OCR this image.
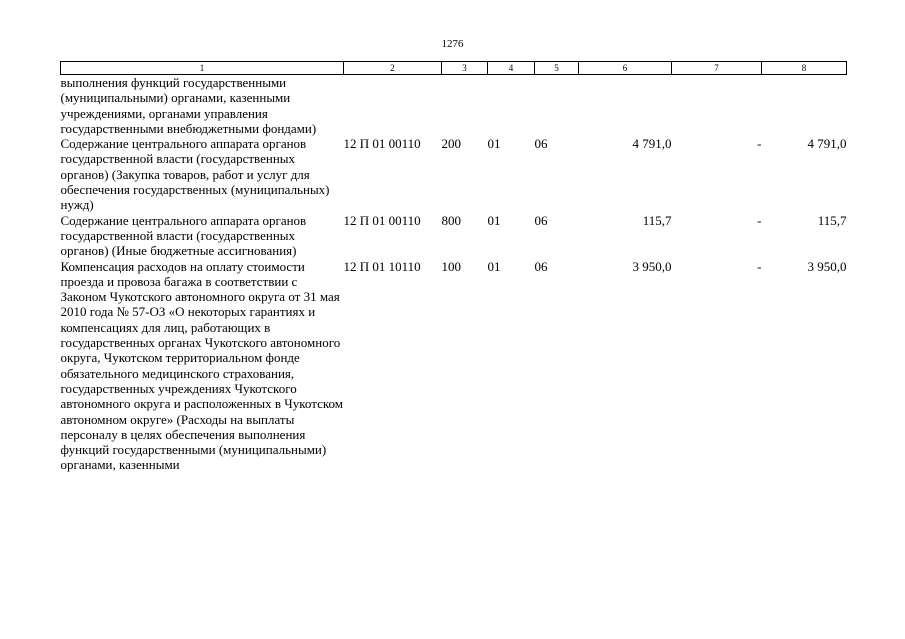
1276
1	2	3	4	5	6	7	8
выполнения функций государственными (муниципальными) органами, казенными учреждениями, органами управления государственными внебюджетными фондами)							
Содержание центрального аппарата органов государственной власти (государственных органов) (Закупка товаров, работ и услуг для обеспечения государственных (муниципальных) нужд)	12 П 01 00110	200	01	06	4 791,0	-	4 791,0
Содержание центрального аппарата органов государственной власти (государственных органов) (Иные бюджетные ассигнования)	12 П 01 00110	800	01	06	115,7	-	115,7
Компенсация расходов на оплату стоимости проезда и провоза багажа в соответствии с Законом Чукотского автономного округа от 31 мая 2010 года № 57-ОЗ «О некоторых гарантиях и компенсациях для лиц, работающих в государственных органах Чукотского автономного округа, Чукотском территориальном фонде обязательного медицинского страхования, государственных учреждениях Чукотского автономного округа и расположенных в Чукотском автономном округе» (Расходы на выплаты персоналу в целях обеспечения выполнения функций государственными (муниципальными) органами, казенными	12 П 01 10110	100	01	06	3 950,0	-	3 950,0
